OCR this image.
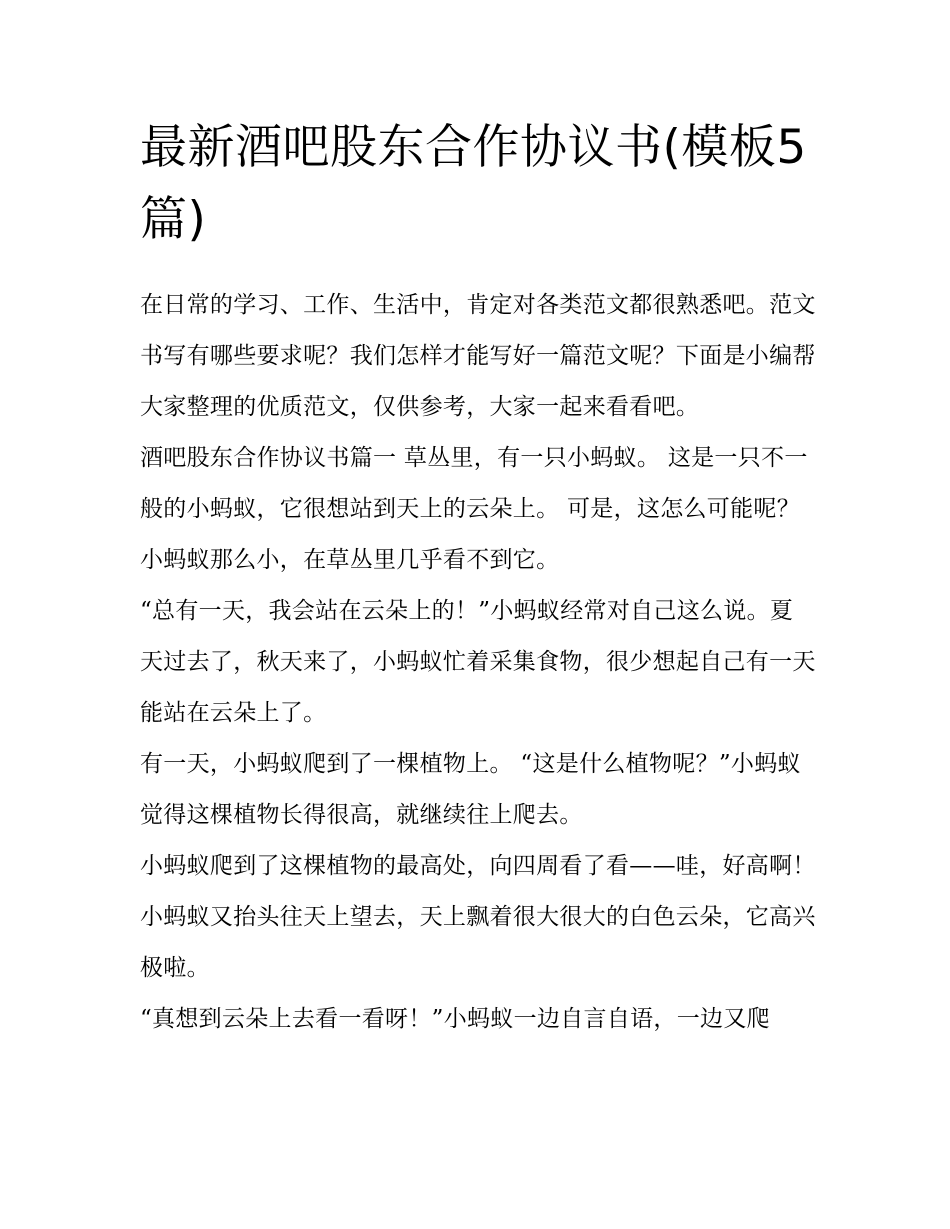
最新酒吧股东合作协议书(模板5篇)

在日常的学习、工作、生活中，肯定对各类范文都很熟悉吧。范文书写有哪些要求呢？我们怎样才能写好一篇范文呢？下面是小编帮大家整理的优质范文，仅供参考，大家一起来看看吧。

酒吧股东合作协议书篇一 草丛里，有一只小蚂蚁。 这是一只不一般的小蚂蚁，它很想站到天上的云朵上。 可是，这怎么可能呢？小蚂蚁那么小，在草丛里几乎看不到它。

“总有一天，我会站在云朵上的！”小蚂蚁经常对自己这么说。夏天过去了，秋天来了，小蚂蚁忙着采集食物，很少想起自己有一天能站在云朵上了。

有一天，小蚂蚁爬到了一棵植物上。 “这是什么植物呢？”小蚂蚁觉得这棵植物长得很高，就继续往上爬去。

小蚂蚁爬到了这棵植物的最高处，向四周看了看——哇，好高啊！ 小蚂蚁又抬头往天上望去，天上飘着很大很大的白色云朵，它高兴极啦。

“真想到云朵上去看一看呀！”小蚂蚁一边自言自语，一边又爬
